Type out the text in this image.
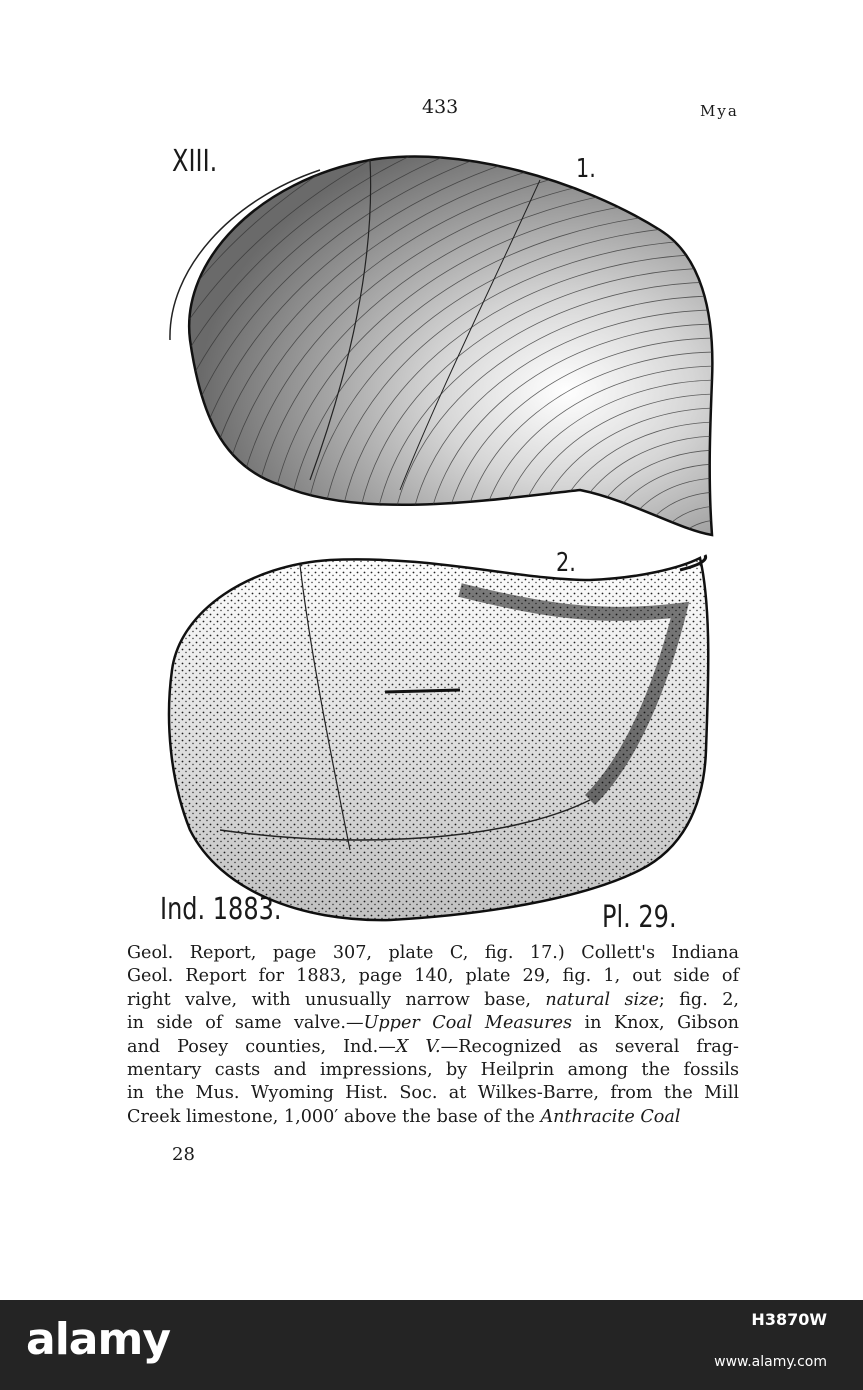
433	Mya
XIII.	1.
2.
Ind. 1883.	Pl. 29.
Geol. Report, page 307, plate C, fig. 17.) Collett's Indiana
Geol. Report for 1883, page 140, plate 29, fig. 1, out side of
right valve, with unusually narrow base, natural size; fig. 2,
in side of same valve.—Upper Coal Measures in Knox, Gibson
and Posey counties, Ind.—X V.—Recognized as several frag-
mentary casts and impressions, by Heilprin among the fossils
in the Mus. Wyoming Hist. Soc. at Wilkes-Barre, from the Mill
Creek limestone, 1,000′ above the base of the Anthracite Coal
28
alamy	H3870W
www.alamy.com
